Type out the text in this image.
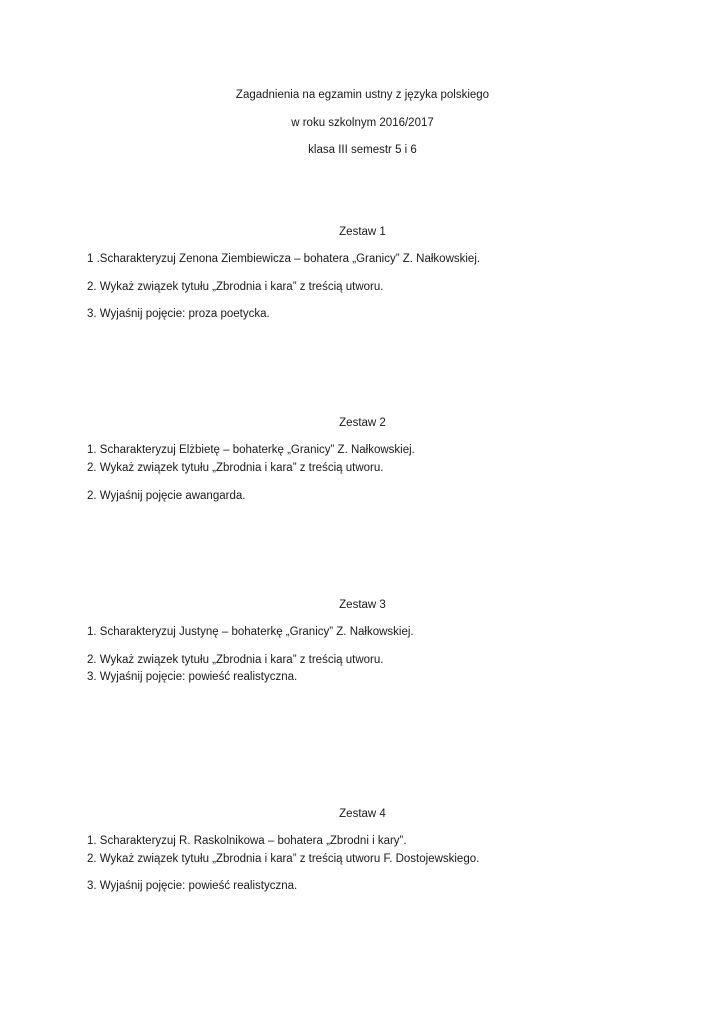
Zagadnienia na egzamin ustny z języka polskiego
w roku szkolnym 2016/2017
klasa III semestr 5 i 6
Zestaw 1
1 .Scharakteryzuj Zenona Ziembiewicza – bohatera „Granicy” Z. Nałkowskiej.
2. Wykaż związek tytułu „Zbrodnia i kara” z treścią utworu.
3. Wyjaśnij pojęcie: proza poetycka.
Zestaw 2
1. Scharakteryzuj Elżbietę – bohaterkę „Granicy” Z. Nałkowskiej.
2. Wykaż związek tytułu „Zbrodnia i kara” z treścią utworu.
2. Wyjaśnij pojęcie awangarda.
Zestaw 3
1. Scharakteryzuj Justynę – bohaterkę „Granicy” Z. Nałkowskiej.
2. Wykaż związek tytułu „Zbrodnia i kara” z treścią utworu.
3. Wyjaśnij pojęcie: powieść realistyczna.
Zestaw 4
1. Scharakteryzuj R. Raskolnikowa – bohatera „Zbrodni i kary”.
2. Wykaż związek tytułu „Zbrodnia i kara” z treścią utworu F. Dostojewskiego.
3. Wyjaśnij pojęcie: powieść realistyczna.
